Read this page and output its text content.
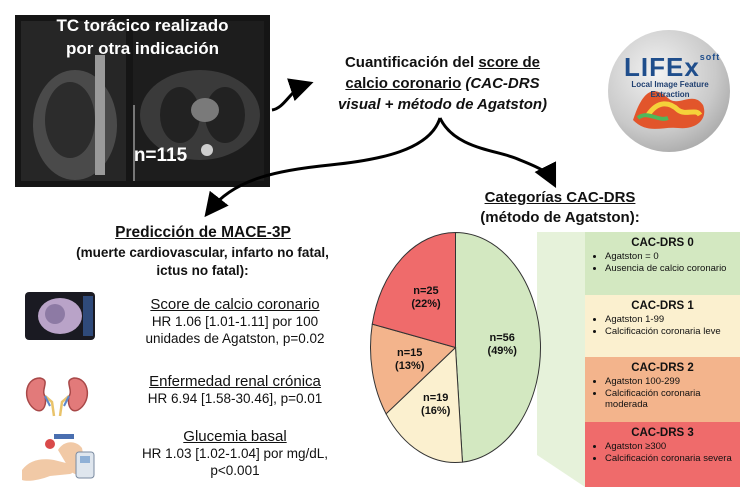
TC torácico realizado
por otra indicación
n=115
Cuantificación del score de
calcio coronario (CAC-DRS
visual + método de Agatston)
LIFEx$^{soft}$
Local Image Feature Extraction
Categorías CAC-DRS
(método de Agatston):
Predicción de MACE-3P
(muerte cardiovascular, infarto no fatal,
ictus no fatal):
Score de calcio coronario
HR 1.06 [1.01-1.11] por 100
unidades de Agatston, p=0.02
Enfermedad renal crónica
HR 6.94 [1.58-30.46], p=0.01
Glucemia basal
HR 1.03 [1.02-1.04] por mg/dL,
p<0.001
n=56
(49%)
n=19
(16%)
n=15
(13%)
n=25
(22%)
CAC-DRS 0
• Agatston = 0
• Ausencia de calcio coronario
CAC-DRS 1
• Agatston 1-99
• Calcificación coronaria leve
CAC-DRS 2
• Agatston 100-299
• Calcificación coronaria moderada
CAC-DRS 3
• Agatston ≥300
• Calcificación coronaria severa
